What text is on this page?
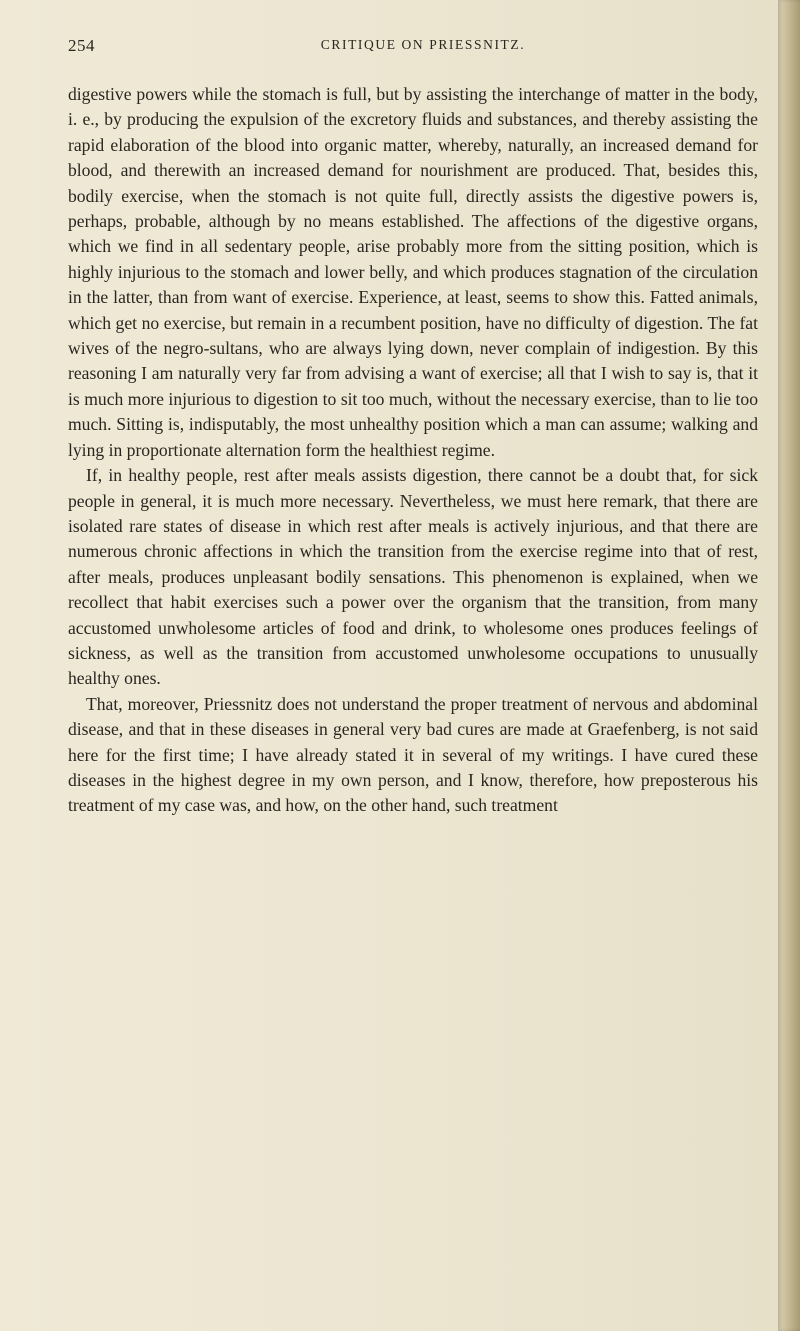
254	CRITIQUE ON PRIESSNITZ.

digestive powers while the stomach is full, but by assisting the interchange of matter in the body, i. e., by producing the expulsion of the excretory fluids and substances, and thereby assisting the rapid elaboration of the blood into organic matter, whereby, naturally, an increased demand for blood, and therewith an increased demand for nourishment are produced. That, besides this, bodily exercise, when the stomach is not quite full, directly assists the digestive powers is, perhaps, probable, although by no means established. The affections of the digestive organs, which we find in all sedentary people, arise probably more from the sitting position, which is highly injurious to the stomach and lower belly, and which produces stagnation of the circulation in the latter, than from want of exercise. Experience, at least, seems to show this. Fatted animals, which get no exercise, but remain in a recumbent position, have no difficulty of digestion. The fat wives of the negro-sultans, who are always lying down, never complain of indigestion. By this reasoning I am naturally very far from advising a want of exercise; all that I wish to say is, that it is much more injurious to digestion to sit too much, without the necessary exercise, than to lie too much. Sitting is, indisputably, the most unhealthy position which a man can assume; walking and lying in proportionate alternation form the healthiest regime.

If, in healthy people, rest after meals assists digestion, there cannot be a doubt that, for sick people in general, it is much more necessary. Nevertheless, we must here remark, that there are isolated rare states of disease in which rest after meals is actively injurious, and that there are numerous chronic affections in which the transition from the exercise regime into that of rest, after meals, produces unpleasant bodily sensations. This phenomenon is explained, when we recollect that habit exercises such a power over the organism that the transition, from many accustomed unwholesome articles of food and drink, to wholesome ones produces feelings of sickness, as well as the transition from accustomed unwholesome occupations to unusually healthy ones.

That, moreover, Priessnitz does not understand the proper treatment of nervous and abdominal disease, and that in these diseases in general very bad cures are made at Graefenberg, is not said here for the first time; I have already stated it in several of my writings. I have cured these diseases in the highest degree in my own person, and I know, therefore, how preposterous his treatment of my case was, and how, on the other hand, such treatment
